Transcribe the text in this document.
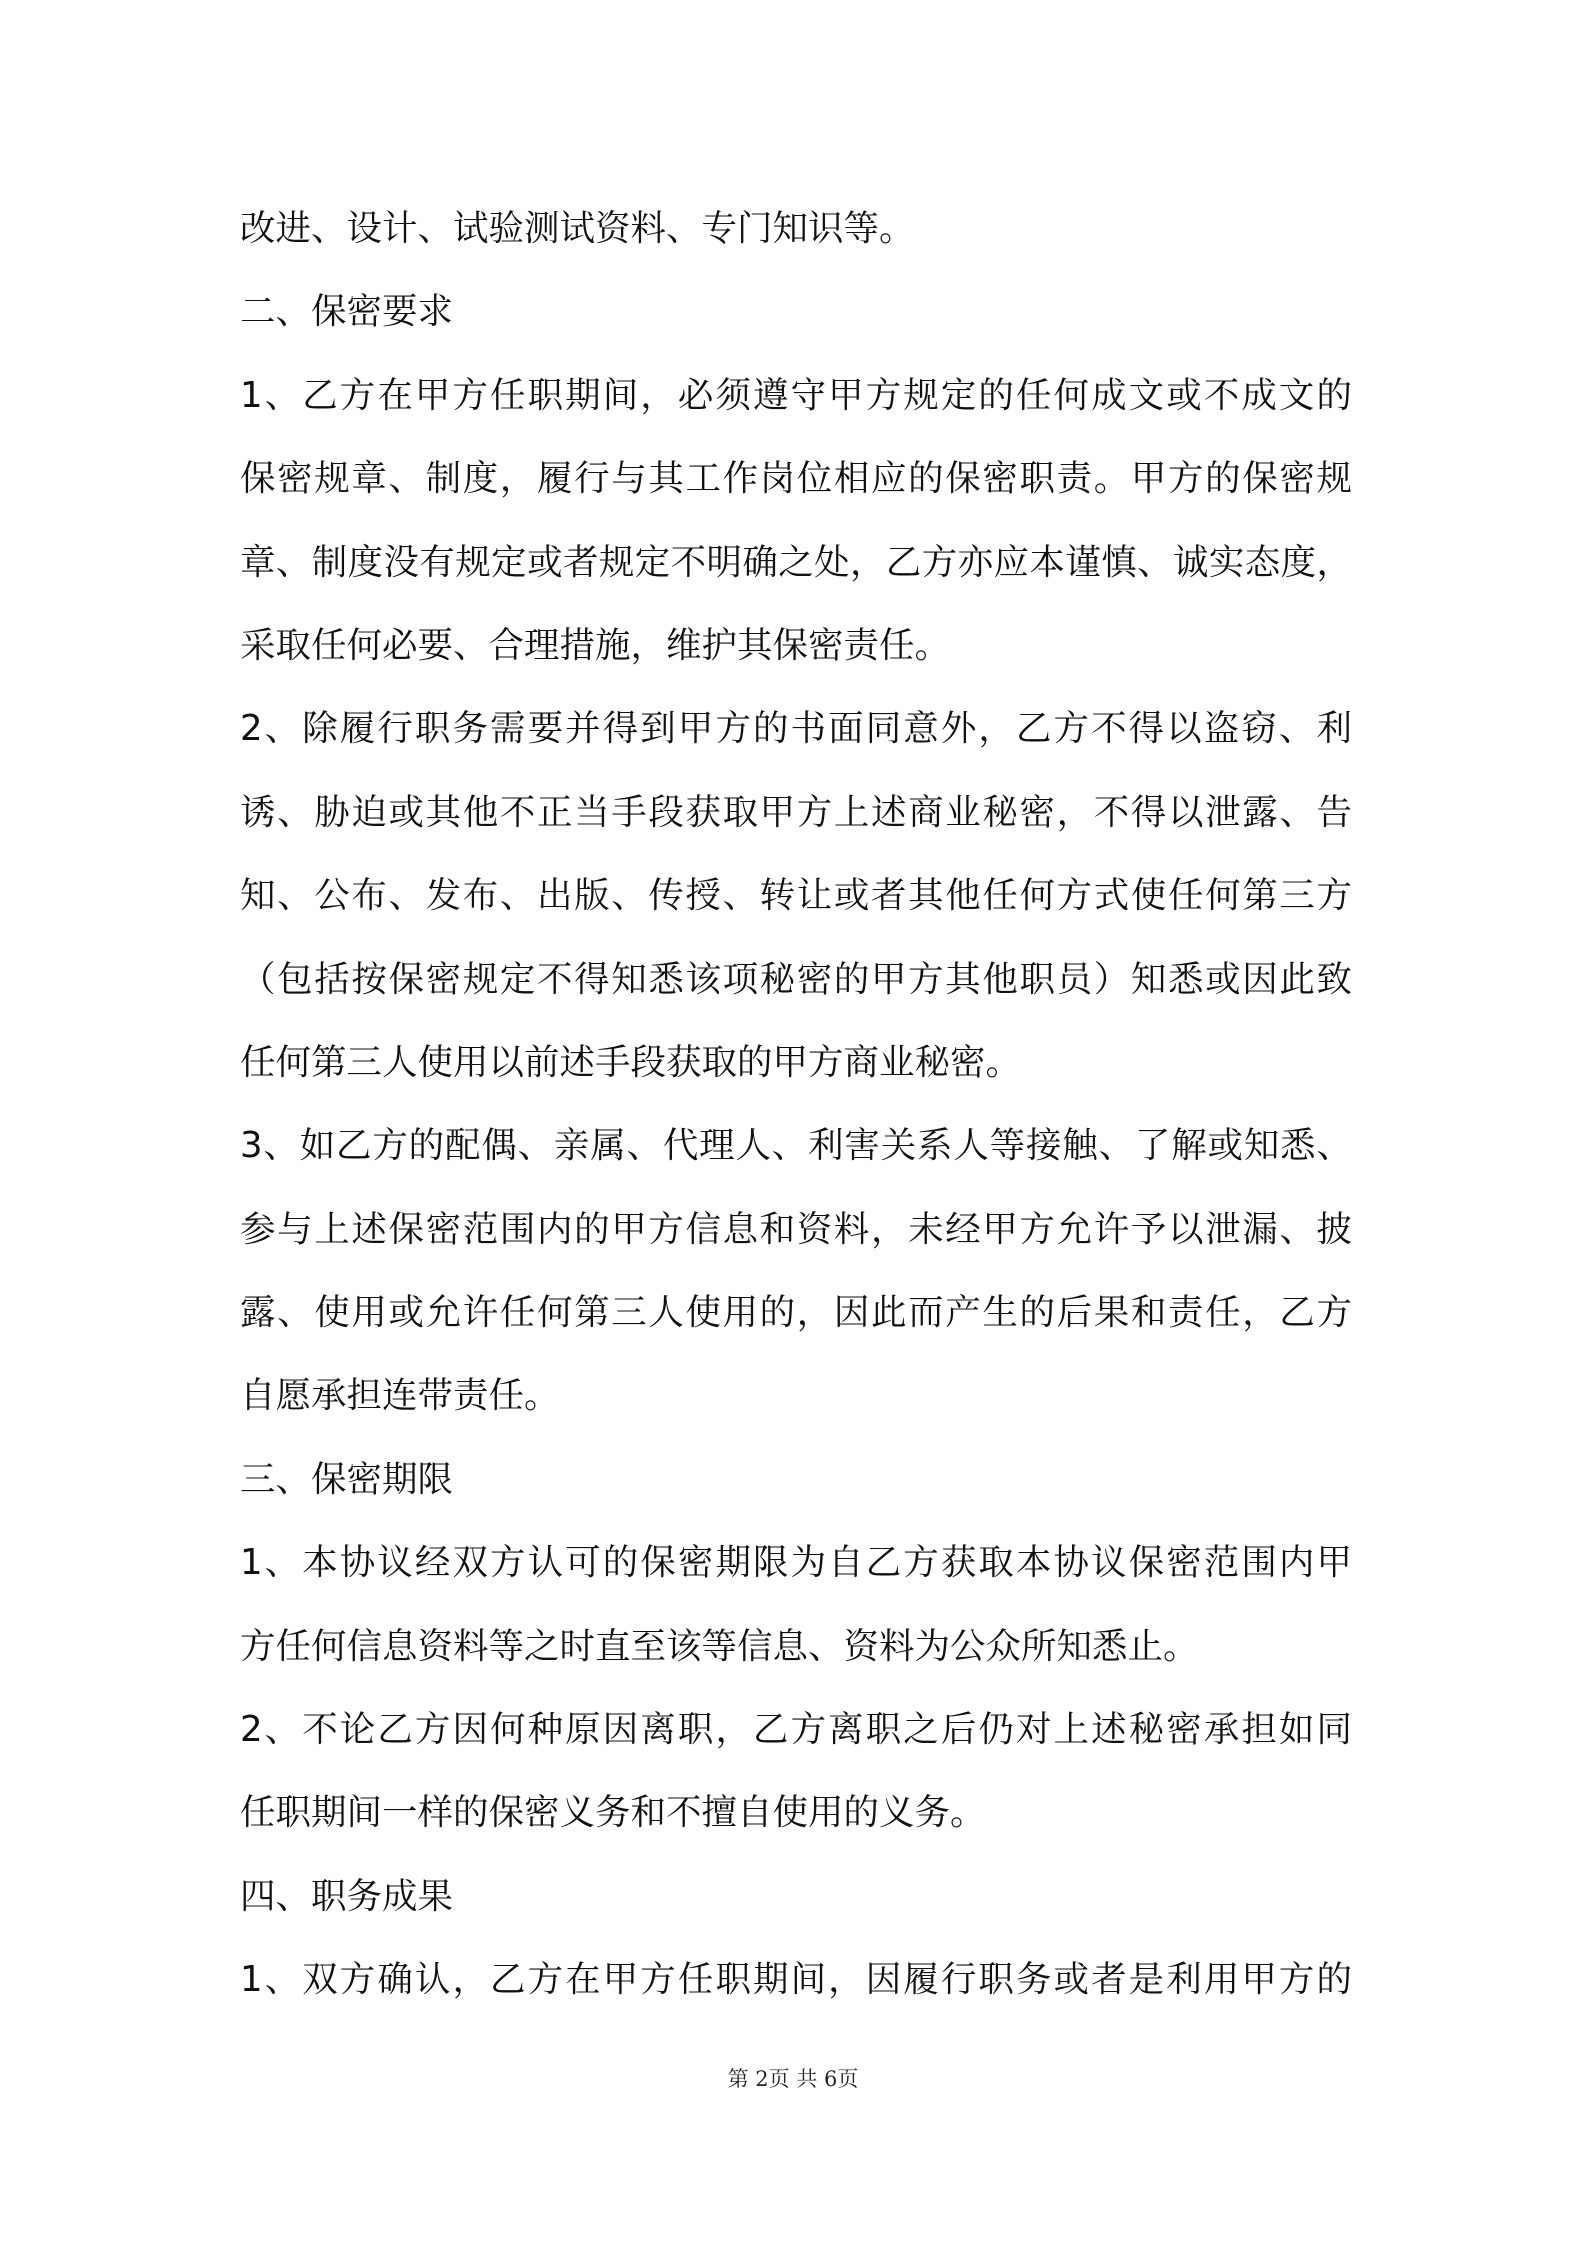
改进、设计、试验测试资料、专门知识等。
二、保密要求
1、乙方在甲方任职期间，必须遵守甲方规定的任何成文或不成文的
保密规章、制度，履行与其工作岗位相应的保密职责。甲方的保密规
章、制度没有规定或者规定不明确之处，乙方亦应本谨慎、诚实态度，
采取任何必要、合理措施，维护其保密责任。
2、除履行职务需要并得到甲方的书面同意外，乙方不得以盗窃、利
诱、胁迫或其他不正当手段获取甲方上述商业秘密，不得以泄露、告
知、公布、发布、出版、传授、转让或者其他任何方式使任何第三方
（包括按保密规定不得知悉该项秘密的甲方其他职员）知悉或因此致
任何第三人使用以前述手段获取的甲方商业秘密。
3、如乙方的配偶、亲属、代理人、利害关系人等接触、了解或知悉、
参与上述保密范围内的甲方信息和资料，未经甲方允许予以泄漏、披
露、使用或允许任何第三人使用的，因此而产生的后果和责任，乙方
自愿承担连带责任。
三、保密期限
1、本协议经双方认可的保密期限为自乙方获取本协议保密范围内甲
方任何信息资料等之时直至该等信息、资料为公众所知悉止。
2、不论乙方因何种原因离职，乙方离职之后仍对上述秘密承担如同
任职期间一样的保密义务和不擅自使用的义务。
四、职务成果
1、双方确认，乙方在甲方任职期间，因履行职务或者是利用甲方的
第 2页 共 6页
